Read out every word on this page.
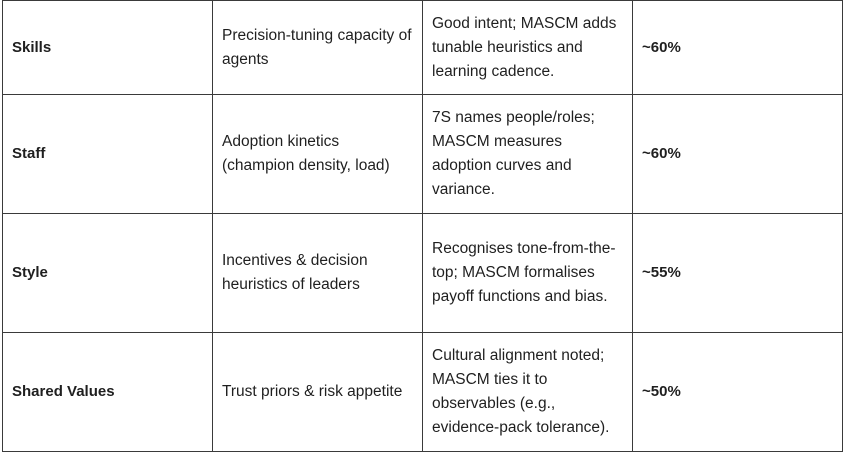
Skills	Precision-tuning capacity of agents	Good intent; MASCM adds tunable heuristics and learning cadence.	~60%
Staff	Adoption kinetics (champion density, load)	7S names people/roles; MASCM measures adoption curves and variance.	~60%
Style	Incentives & decision heuristics of leaders	Recognises tone-from-the-top; MASCM formalises payoff functions and bias.	~55%
Shared Values	Trust priors & risk appetite	Cultural alignment noted; MASCM ties it to observables (e.g., evidence-pack tolerance).	~50%
